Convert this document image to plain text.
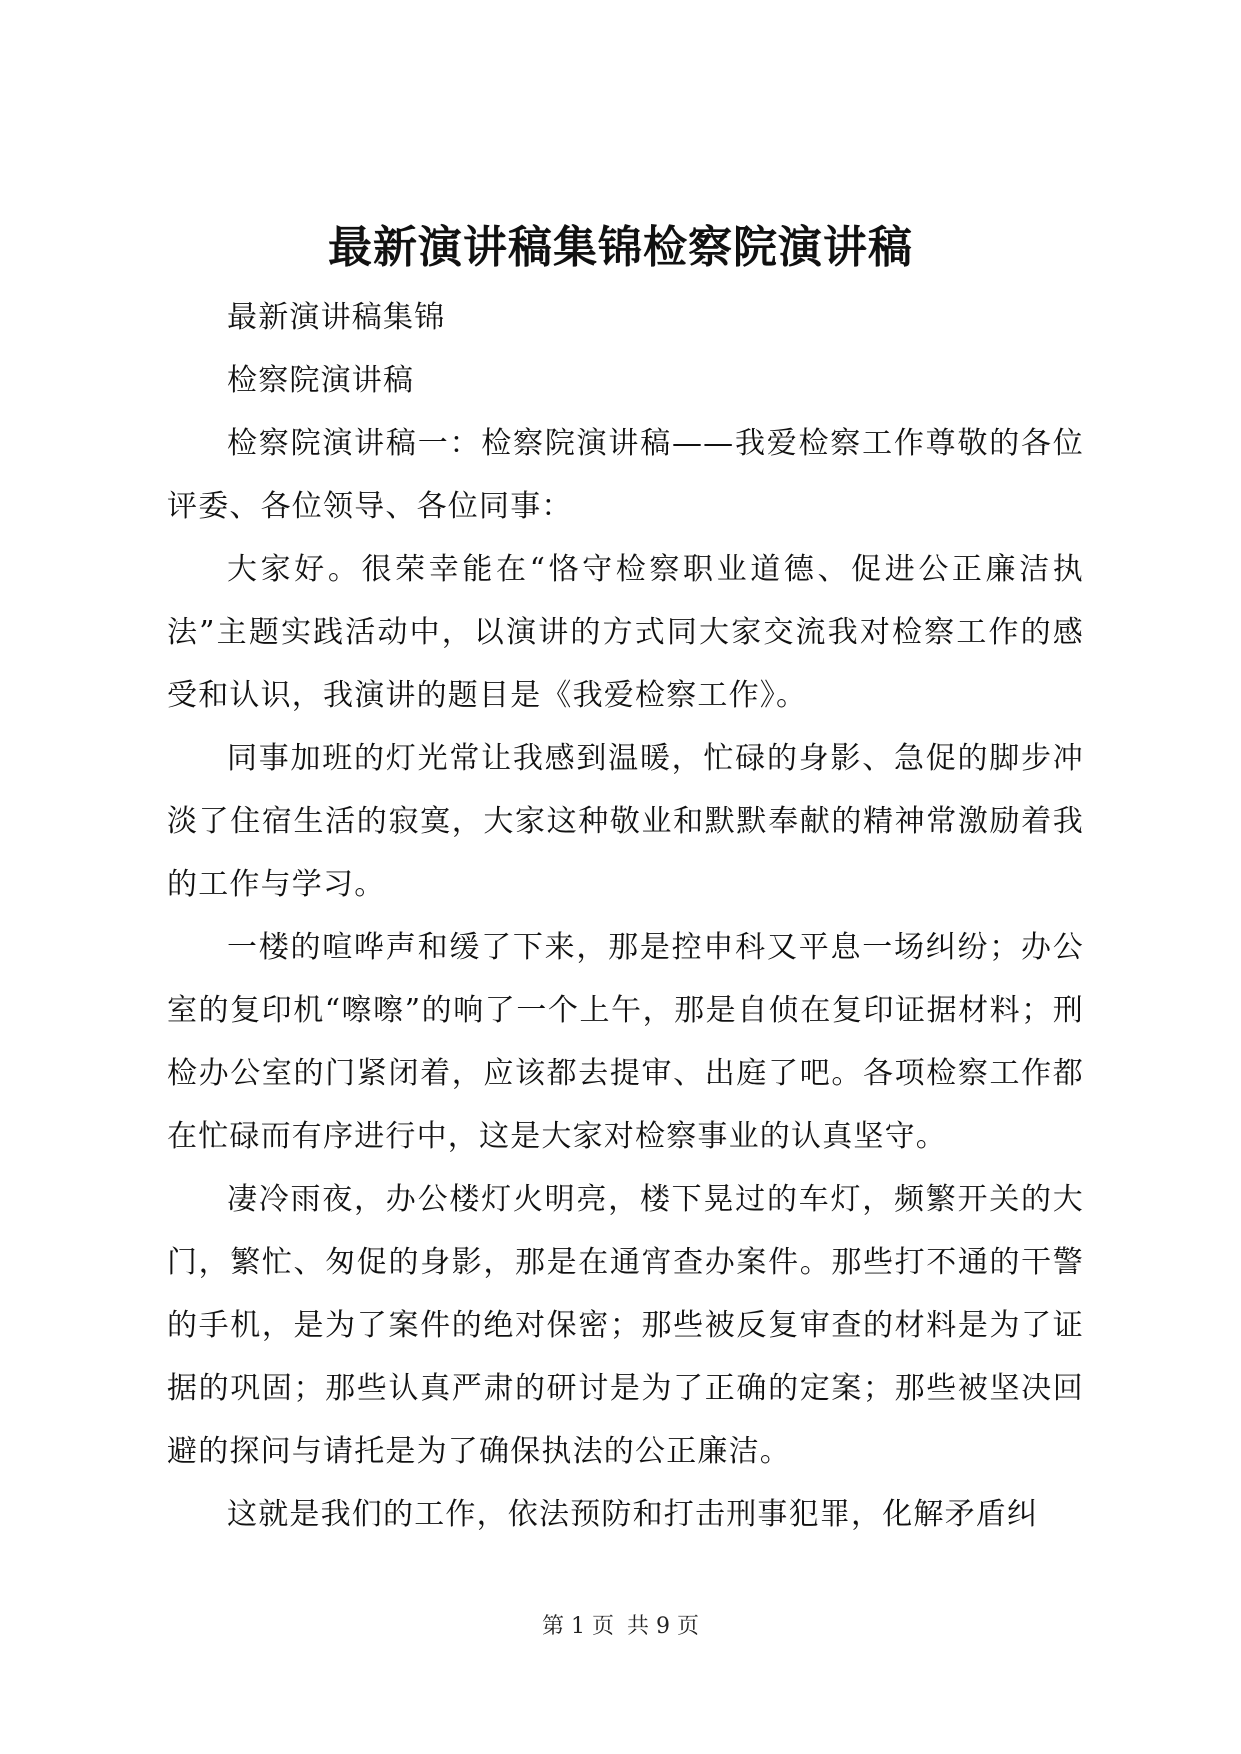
最新演讲稿集锦检察院演讲稿

最新演讲稿集锦

检察院演讲稿

检察院演讲稿一：检察院演讲稿——我爱检察工作尊敬的各位评委、各位领导、各位同事：

大家好。很荣幸能在“恪守检察职业道德、促进公正廉洁执法”主题实践活动中，以演讲的方式同大家交流我对检察工作的感受和认识，我演讲的题目是《我爱检察工作》。

同事加班的灯光常让我感到温暖，忙碌的身影、急促的脚步冲淡了住宿生活的寂寞，大家这种敬业和默默奉献的精神常激励着我的工作与学习。

一楼的喧哗声和缓了下来，那是控申科又平息一场纠纷；办公室的复印机“嚓嚓”的响了一个上午，那是自侦在复印证据材料；刑检办公室的门紧闭着，应该都去提审、出庭了吧。各项检察工作都在忙碌而有序进行中，这是大家对检察事业的认真坚守。

凄冷雨夜，办公楼灯火明亮，楼下晃过的车灯，频繁开关的大门，繁忙、匆促的身影，那是在通宵查办案件。那些打不通的干警的手机，是为了案件的绝对保密；那些被反复审查的材料是为了证据的巩固；那些认真严肃的研讨是为了正确的定案；那些被坚决回避的探问与请托是为了确保执法的公正廉洁。

这就是我们的工作，依法预防和打击刑事犯罪，化解矛盾纠

第 1 页 共 9 页
